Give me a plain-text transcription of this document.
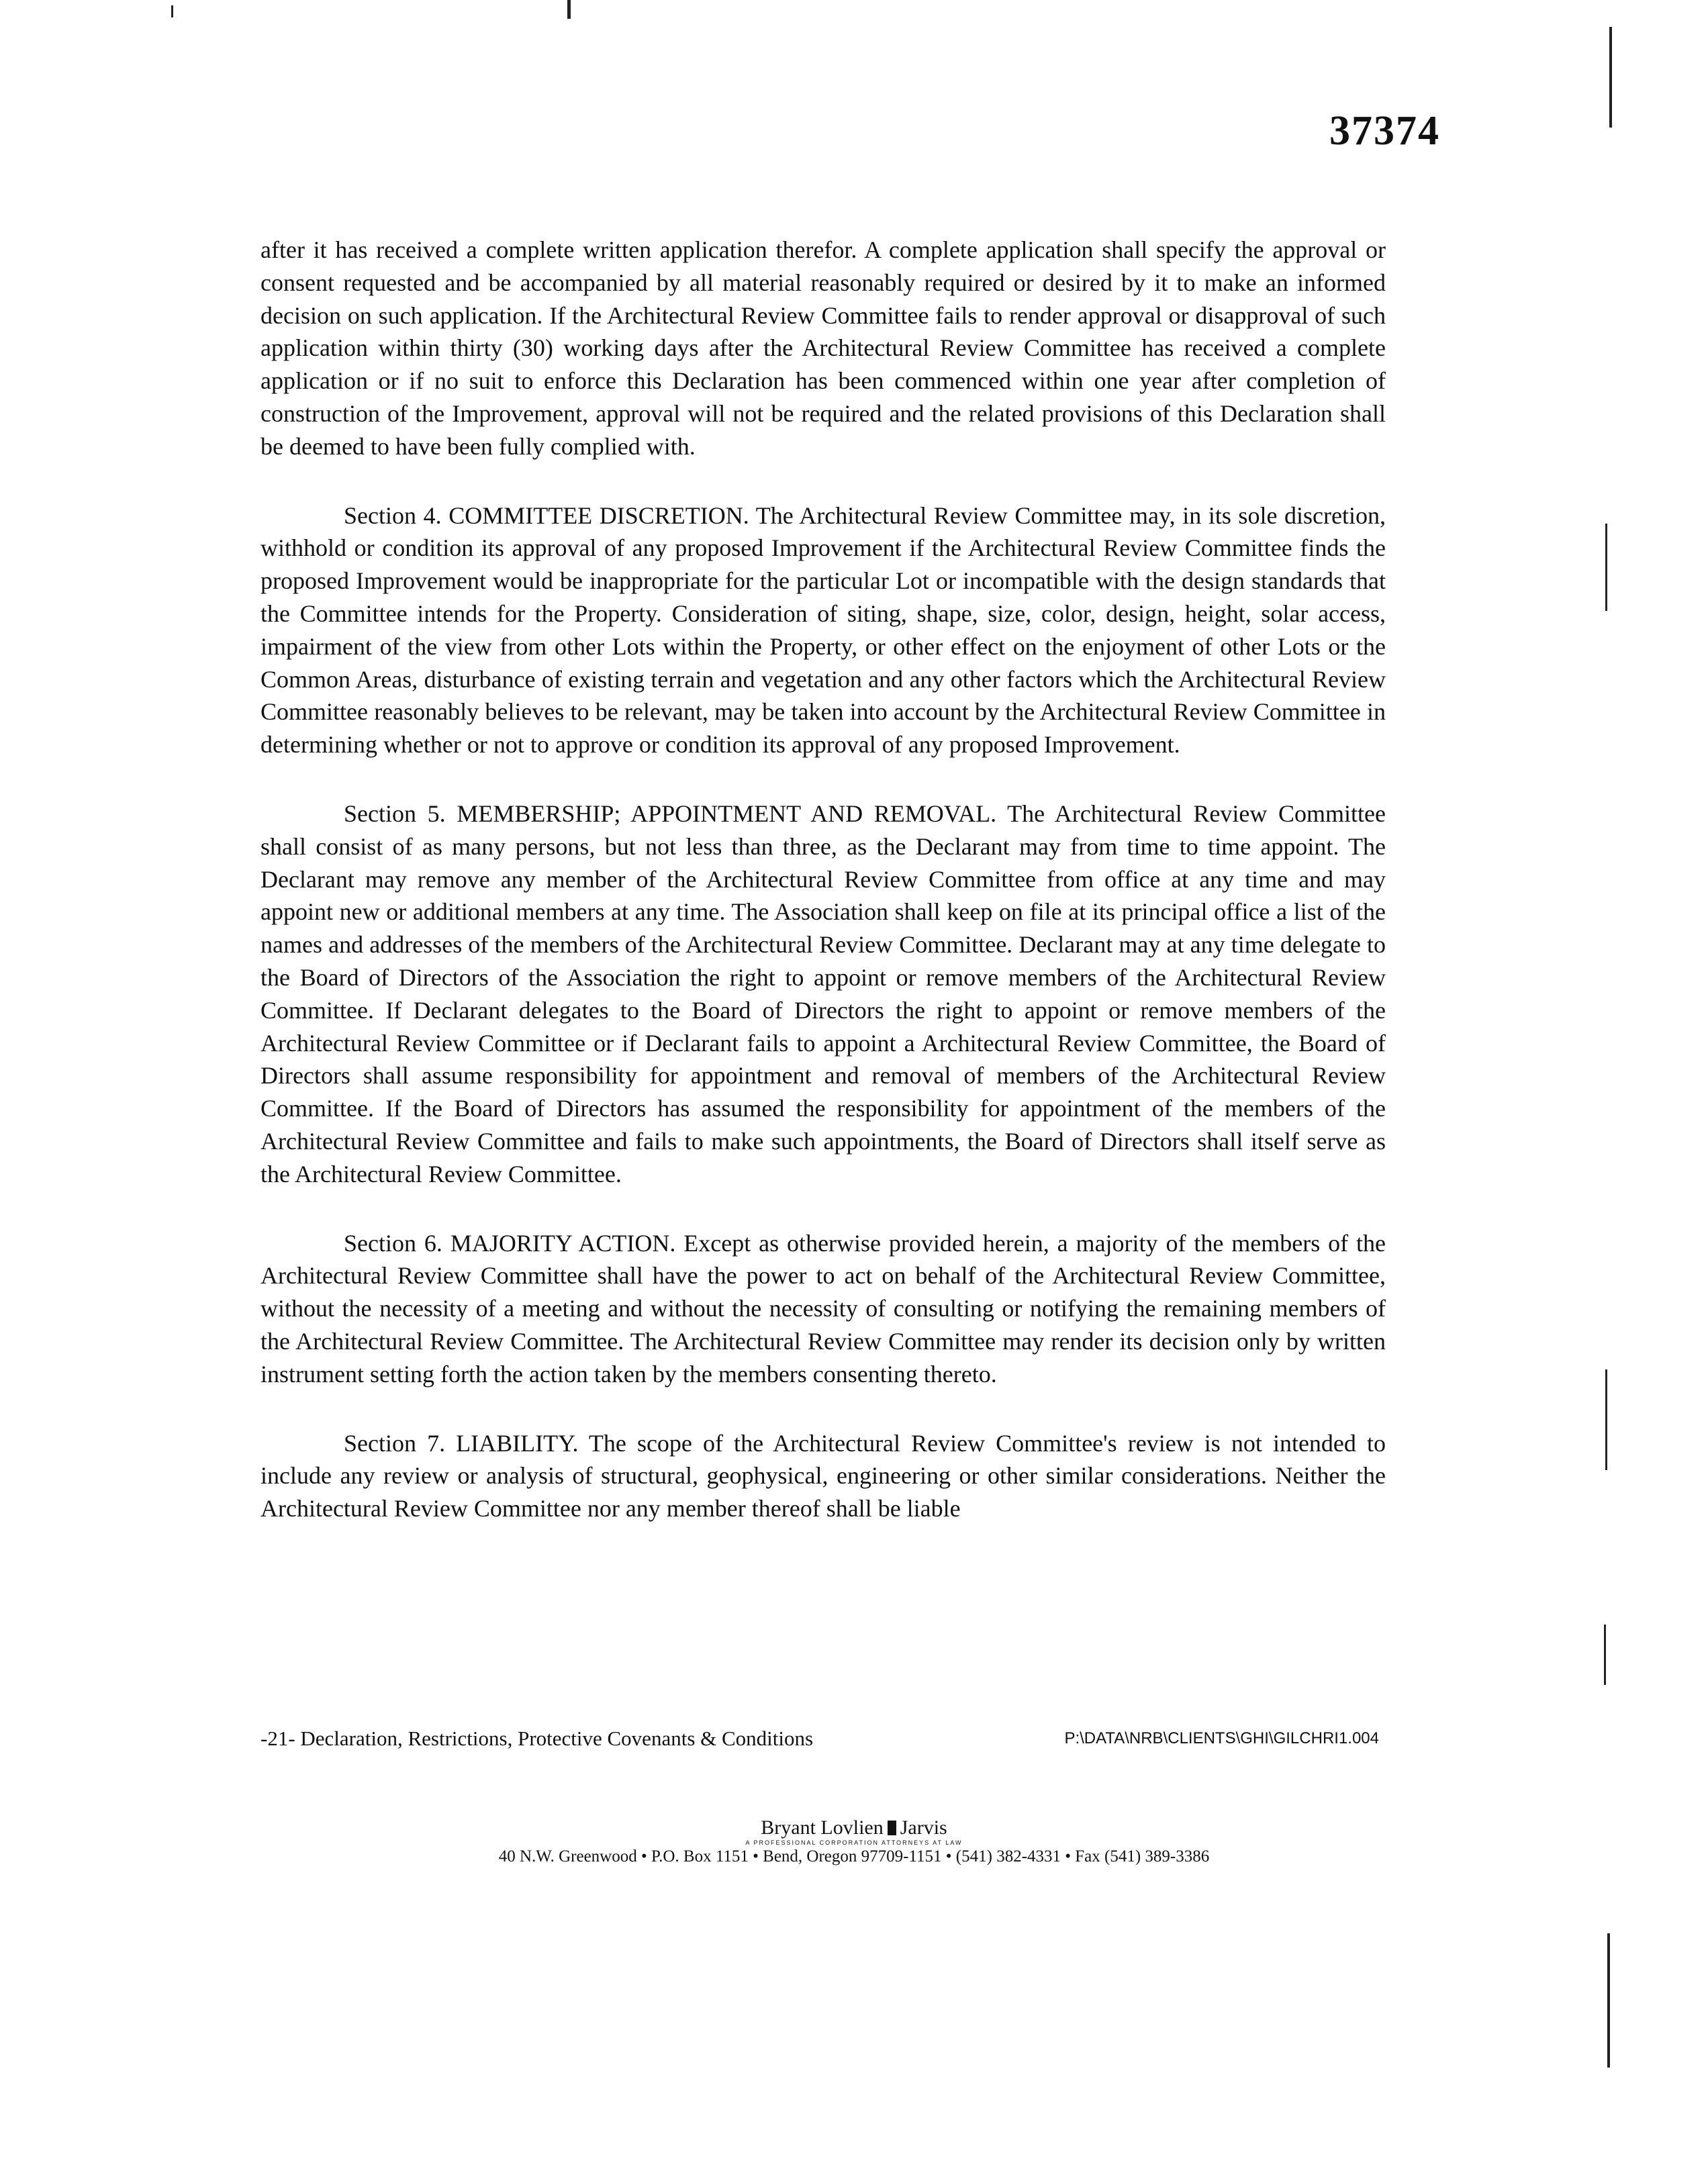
37374

after it has received a complete written application therefor. A complete application shall specify the approval or consent requested and be accompanied by all material reasonably required or desired by it to make an informed decision on such application. If the Architectural Review Committee fails to render approval or disapproval of such application within thirty (30) working days after the Architectural Review Committee has received a complete application or if no suit to enforce this Declaration has been commenced within one year after completion of construction of the Improvement, approval will not be required and the related provisions of this Declaration shall be deemed to have been fully complied with.

Section 4. COMMITTEE DISCRETION. The Architectural Review Committee may, in its sole discretion, withhold or condition its approval of any proposed Improvement if the Architectural Review Committee finds the proposed Improvement would be inappropriate for the particular Lot or incompatible with the design standards that the Committee intends for the Property. Consideration of siting, shape, size, color, design, height, solar access, impairment of the view from other Lots within the Property, or other effect on the enjoyment of other Lots or the Common Areas, disturbance of existing terrain and vegetation and any other factors which the Architectural Review Committee reasonably believes to be relevant, may be taken into account by the Architectural Review Committee in determining whether or not to approve or condition its approval of any proposed Improvement.

Section 5. MEMBERSHIP; APPOINTMENT AND REMOVAL. The Architectural Review Committee shall consist of as many persons, but not less than three, as the Declarant may from time to time appoint. The Declarant may remove any member of the Architectural Review Committee from office at any time and may appoint new or additional members at any time. The Association shall keep on file at its principal office a list of the names and addresses of the members of the Architectural Review Committee. Declarant may at any time delegate to the Board of Directors of the Association the right to appoint or remove members of the Architectural Review Committee. If Declarant delegates to the Board of Directors the right to appoint or remove members of the Architectural Review Committee or if Declarant fails to appoint a Architectural Review Committee, the Board of Directors shall assume responsibility for appointment and removal of members of the Architectural Review Committee. If the Board of Directors has assumed the responsibility for appointment of the members of the Architectural Review Committee and fails to make such appointments, the Board of Directors shall itself serve as the Architectural Review Committee.

Section 6. MAJORITY ACTION. Except as otherwise provided herein, a majority of the members of the Architectural Review Committee shall have the power to act on behalf of the Architectural Review Committee, without the necessity of a meeting and without the necessity of consulting or notifying the remaining members of the Architectural Review Committee. The Architectural Review Committee may render its decision only by written instrument setting forth the action taken by the members consenting thereto.

Section 7. LIABILITY. The scope of the Architectural Review Committee's review is not intended to include any review or analysis of structural, geophysical, engineering or other similar considerations. Neither the Architectural Review Committee nor any member thereof shall be liable

-21- Declaration, Restrictions, Protective Covenants & Conditions	P:\DATA\NRB\CLIENTS\GHI\GILCHRI1.004
Bryant Lovlien Jarvis
A PROFESSIONAL CORPORATION ATTORNEYS AT LAW
40 N.W. Greenwood • P.O. Box 1151 • Bend, Oregon 97709-1151 • (541) 382-4331 • Fax (541) 389-3386
